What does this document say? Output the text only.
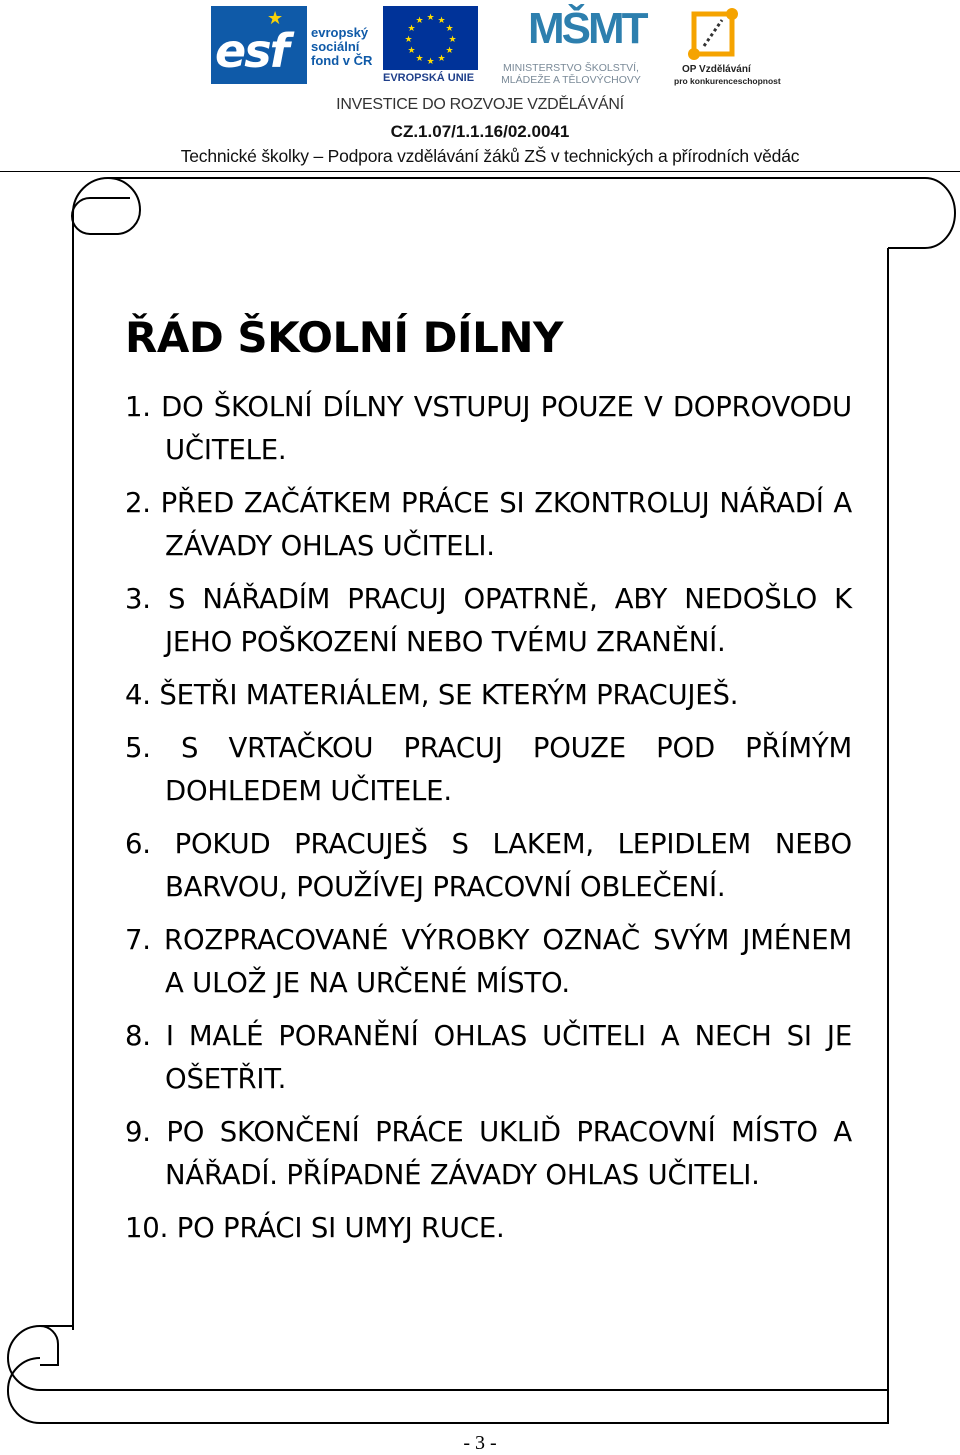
★
esf evropský
sociální
fond v ČR
★ ★
★
★
★
★
★
★
★
★
★
★
EVROPSKÁ UNIE
MŠMT
MINISTERSTVO ŠKOLSTVÍ,
MLÁDEŽE A TĚLOVÝCHOVY
OP Vzdělávání
pro konkurenceschopnost
INVESTICE DO ROZVOJE VZDĚLÁVÁNÍ
CZ.1.07/1.1.16/02.0041
Technické školky – Podpora vzdělávání žáků ZŠ v technických a přírodních vědác
ŘÁD ŠKOLNÍ DÍLNY
1. DO ŠKOLNÍ DÍLNY VSTUPUJ POUZE V DOPROVODU UČITELE.
2. PŘED ZAČÁTKEM PRÁCE SI ZKONTROLUJ NÁŘADÍ A ZÁVADY OHLAS UČITELI.
3. S NÁŘADÍM PRACUJ OPATRNĚ, ABY NEDOŠLO K JEHO POŠKOZENÍ NEBO TVÉMU ZRANĚNÍ.
4. ŠETŘI MATERIÁLEM, SE KTERÝM PRACUJEŠ.
5. S VRTAČKOU PRACUJ POUZE POD PŘÍMÝM DOHLEDEM UČITELE.
6. POKUD PRACUJEŠ S LAKEM, LEPIDLEM NEBO BARVOU, POUŽÍVEJ PRACOVNÍ OBLEČENÍ.
7. ROZPRACOVANÉ VÝROBKY OZNAČ SVÝM JMÉNEM A ULOŽ JE NA URČENÉ MÍSTO.
8. I MALÉ PORANĚNÍ OHLAS UČITELI A NECH SI JE OŠETŘIT.
9. PO SKONČENÍ PRÁCE UKLIĎ PRACOVNÍ MÍSTO A NÁŘADÍ. PŘÍPADNÉ ZÁVADY OHLAS UČITELI.
10. PO PRÁCI SI UMYJ RUCE.
- 3 -
